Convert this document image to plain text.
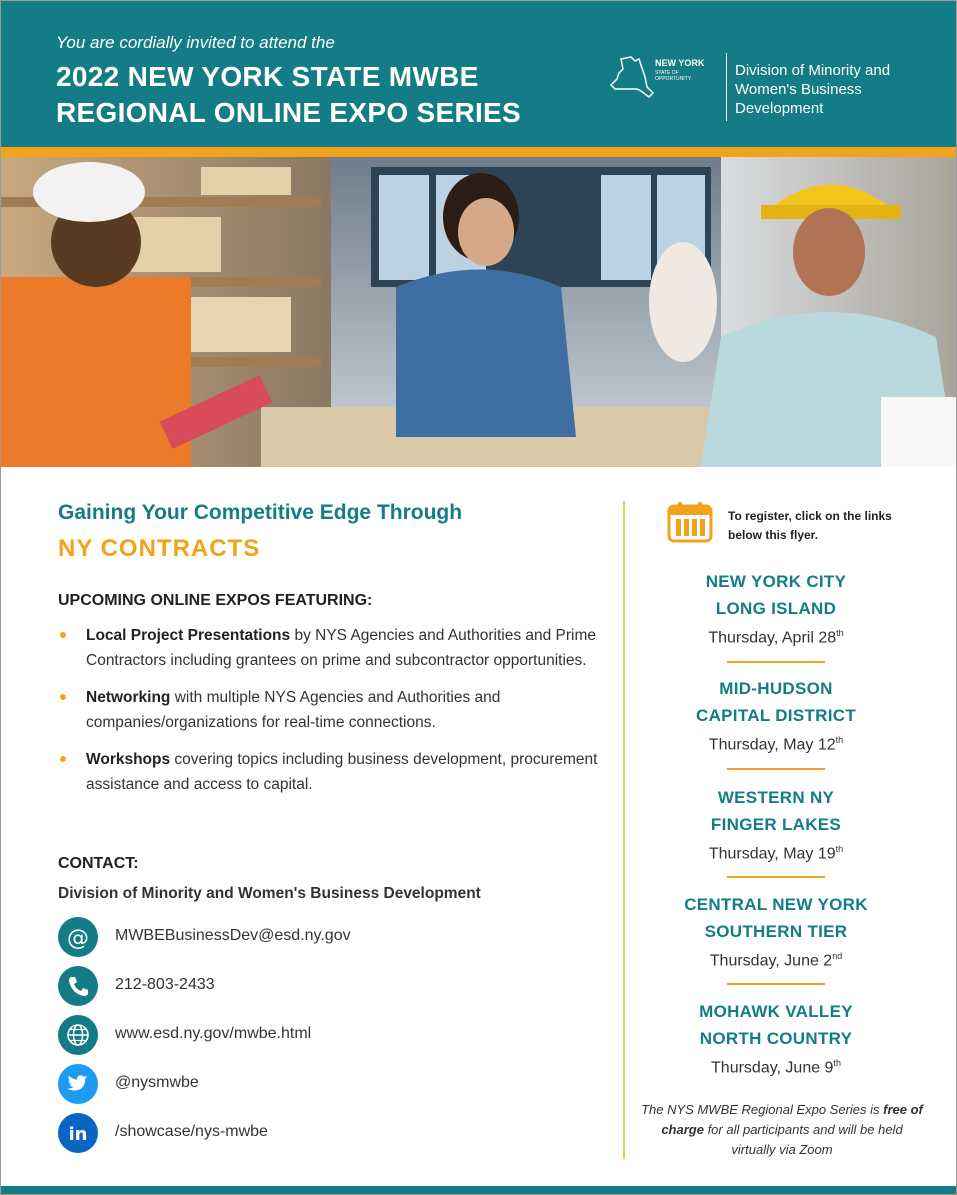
You are cordially invited to attend the
2022 NEW YORK STATE MWBE
REGIONAL ONLINE EXPO SERIES
NEW YORK
STATE OF OPPORTUNITY.	Division of Minority and Women's Business Development
Gaining Your Competitive Edge Through
NY CONTRACTS
UPCOMING ONLINE EXPOS FEATURING:
Local Project Presentations by NYS Agencies and Authorities and Prime Contractors including grantees on prime and subcontractor opportunities.
Networking with multiple NYS Agencies and Authorities and companies/organizations for real-time connections.
Workshops covering topics including business development, procurement assistance and access to capital.
CONTACT:
Division of Minority and Women's Business Development
@ MWBEBusinessDev@esd.ny.gov
212-803-2433
www.esd.ny.gov/mwbe.html
@nysmwbe
in /showcase/nys-mwbe
To register, click on the links below this flyer.
NEW YORK CITY
LONG ISLAND
Thursday, April 28th
MID-HUDSON
CAPITAL DISTRICT
Thursday, May 12th
WESTERN NY
FINGER LAKES
Thursday, May 19th
CENTRAL NEW YORK
SOUTHERN TIER
Thursday, June 2nd
MOHAWK VALLEY
NORTH COUNTRY
Thursday, June 9th
The NYS MWBE Regional Expo Series is free of charge for all participants and will be held virtually via Zoom
